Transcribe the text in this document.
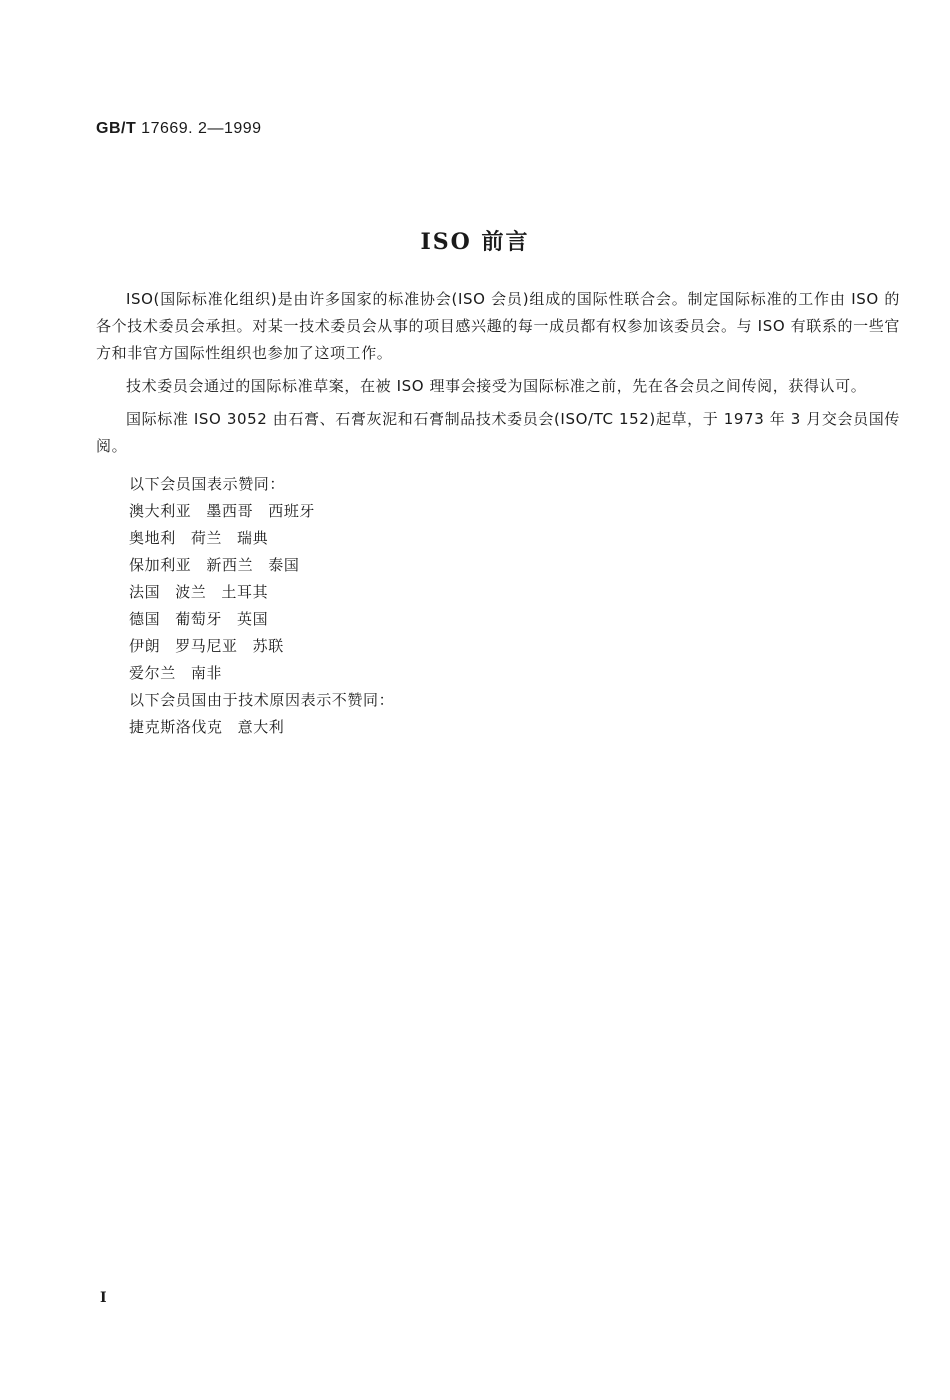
GB/T 17669. 2—1999
ISO 前言

ISO(国际标准化组织)是由许多国家的标准协会(ISO 会员)组成的国际性联合会。制定国际标准的工作由 ISO 的各个技术委员会承担。对某一技术委员会从事的项目感兴趣的每一成员都有权参加该委员会。与 ISO 有联系的一些官方和非官方国际性组织也参加了这项工作。

技术委员会通过的国际标准草案，在被 ISO 理事会接受为国际标准之前，先在各会员之间传阅，获得认可。

国际标准 ISO 3052 由石膏、石膏灰泥和石膏制品技术委员会(ISO/TC 152)起草，于 1973 年 3 月交会员国传阅。

以下会员国表示赞同：
澳大利亚 墨西哥 西班牙
奥地利 荷兰 瑞典
保加利亚 新西兰 泰国
法国 波兰 土耳其
德国 葡萄牙 英国
伊朗 罗马尼亚 苏联
爱尔兰 南非
以下会员国由于技术原因表示不赞同：
捷克斯洛伐克 意大利
I
